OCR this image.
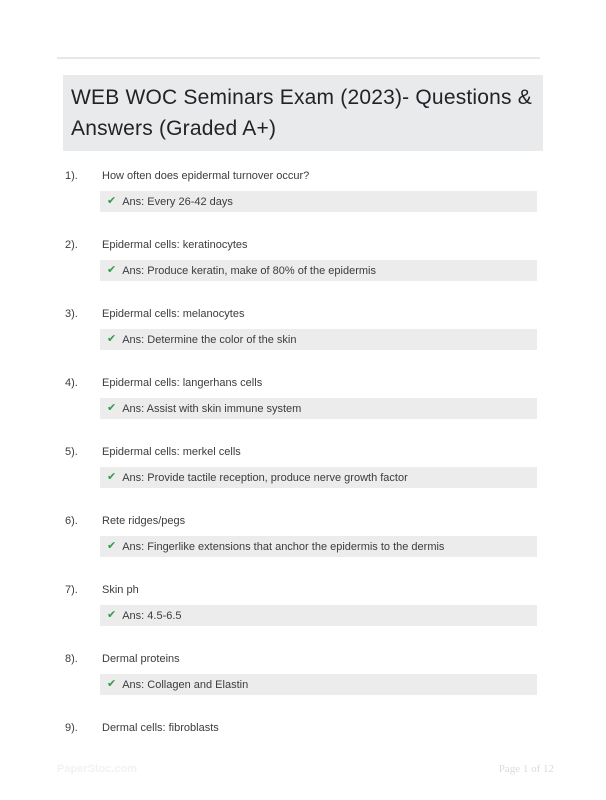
WEB WOC Seminars Exam (2023)- Questions & Answers (Graded A+)
1).	How often does epidermal turnover occur?
✔ Ans: Every 26-42 days
2).	Epidermal cells: keratinocytes
✔ Ans: Produce keratin, make of 80% of the epidermis
3).	Epidermal cells: melanocytes
✔ Ans: Determine the color of the skin
4).	Epidermal cells: langerhans cells
✔ Ans: Assist with skin immune system
5).	Epidermal cells: merkel cells
✔ Ans: Provide tactile reception, produce nerve growth factor
6).	Rete ridges/pegs
✔ Ans: Fingerlike extensions that anchor the epidermis to the dermis
7).	Skin ph
✔ Ans: 4.5-6.5
8).	Dermal proteins
✔ Ans: Collagen and Elastin
9).	Dermal cells: fibroblasts
PaperStoc.com	Page 1 of 12
